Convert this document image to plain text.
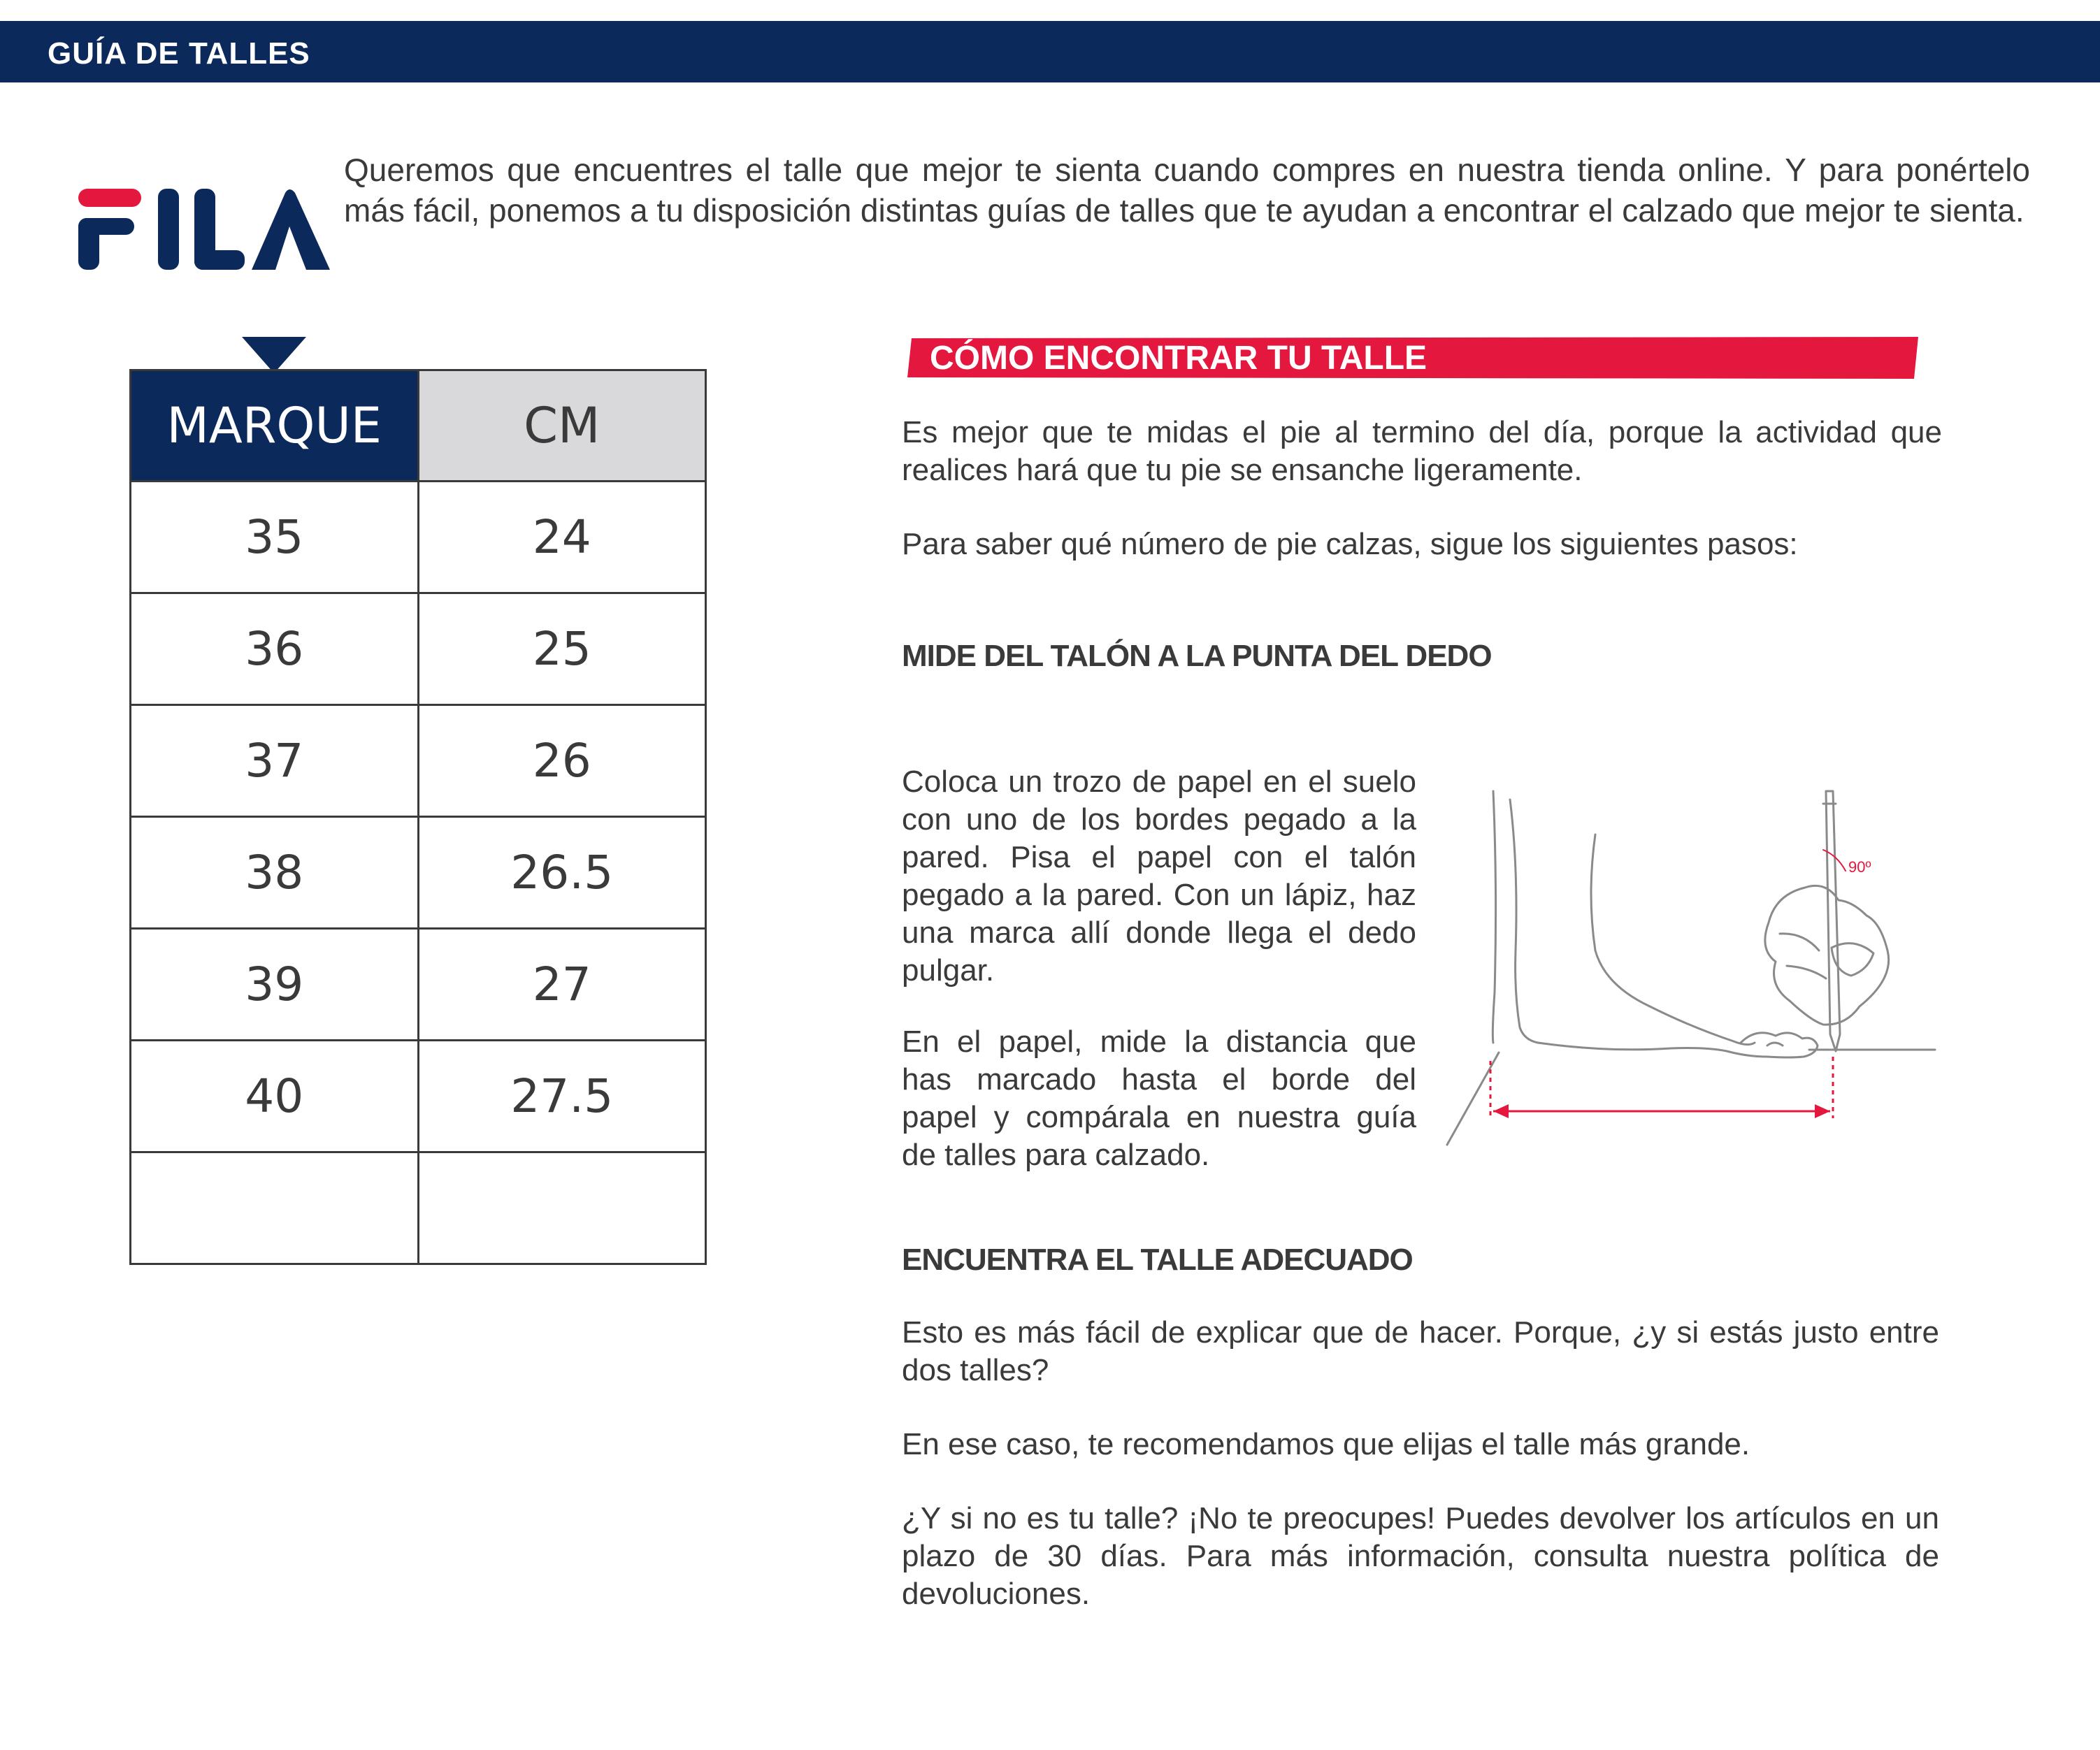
GUÍA DE TALLES

Queremos que encuentres el talle que mejor te sienta cuando compres en nuestra tienda online. Y para ponértelo más fácil, ponemos a tu disposición distintas guías de talles que te ayudan a encontrar el calzado que mejor te sienta.

MARQUE	CM
35	24
36	25
37	26
38	26.5
39	27
40	27.5

CÓMO ENCONTRAR TU TALLE

Es mejor que te midas el pie al termino del día, porque la actividad que realices hará que tu pie se ensanche ligeramente.

Para saber qué número de pie calzas, sigue los siguientes pasos:

MIDE DEL TALÓN A LA PUNTA DEL DEDO

Coloca un trozo de papel en el suelo con uno de los bordes pegado a la pared. Pisa el papel con el talón pegado a la pared. Con un lápiz, haz una marca allí donde llega el dedo pulgar.

En el papel, mide la distancia que has marcado hasta el borde del papel y compárala en nuestra guía de talles para calzado.

ENCUENTRA EL TALLE ADECUADO

Esto es más fácil de explicar que de hacer. Porque, ¿y si estás justo entre dos talles?

En ese caso, te recomendamos que elijas el talle más grande.

¿Y si no es tu talle? ¡No te preocupes! Puedes devolver los artículos en un plazo de 30 días. Para más información, consulta nuestra política de devoluciones.

90º
